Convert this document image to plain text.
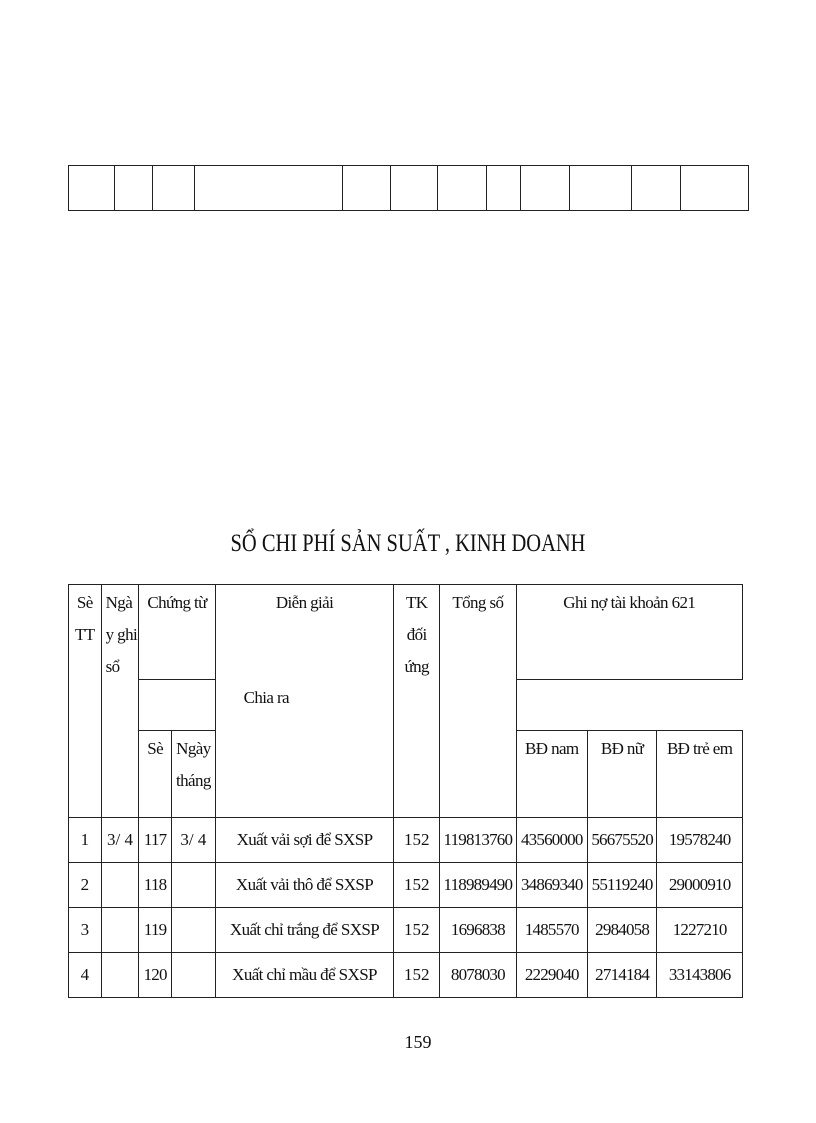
SỔ CHI PHÍ SẢN SUẤT , KINH DOANH
Sè TT	Ngà y ghi sổ	Chứng từ		Diễn giải	TK đối ứng	Tổng số	Ghi nợ tài khoản 621		
		Chia ra							
		Sè	Ngày tháng				BĐ nam	BĐ nữ	BĐ trẻ em
1	3/ 4	117	3/ 4	Xuất vải sợi để SXSP	152	119813760	43560000	56675520	19578240
2		118		Xuất vải thô để SXSP	152	118989490	34869340	55119240	29000910
3		119		Xuất chỉ trắng để SXSP	152	1696838	1485570	2984058	1227210
4		120		Xuất chỉ mầu để SXSP	152	8078030	2229040	2714184	33143806
159
